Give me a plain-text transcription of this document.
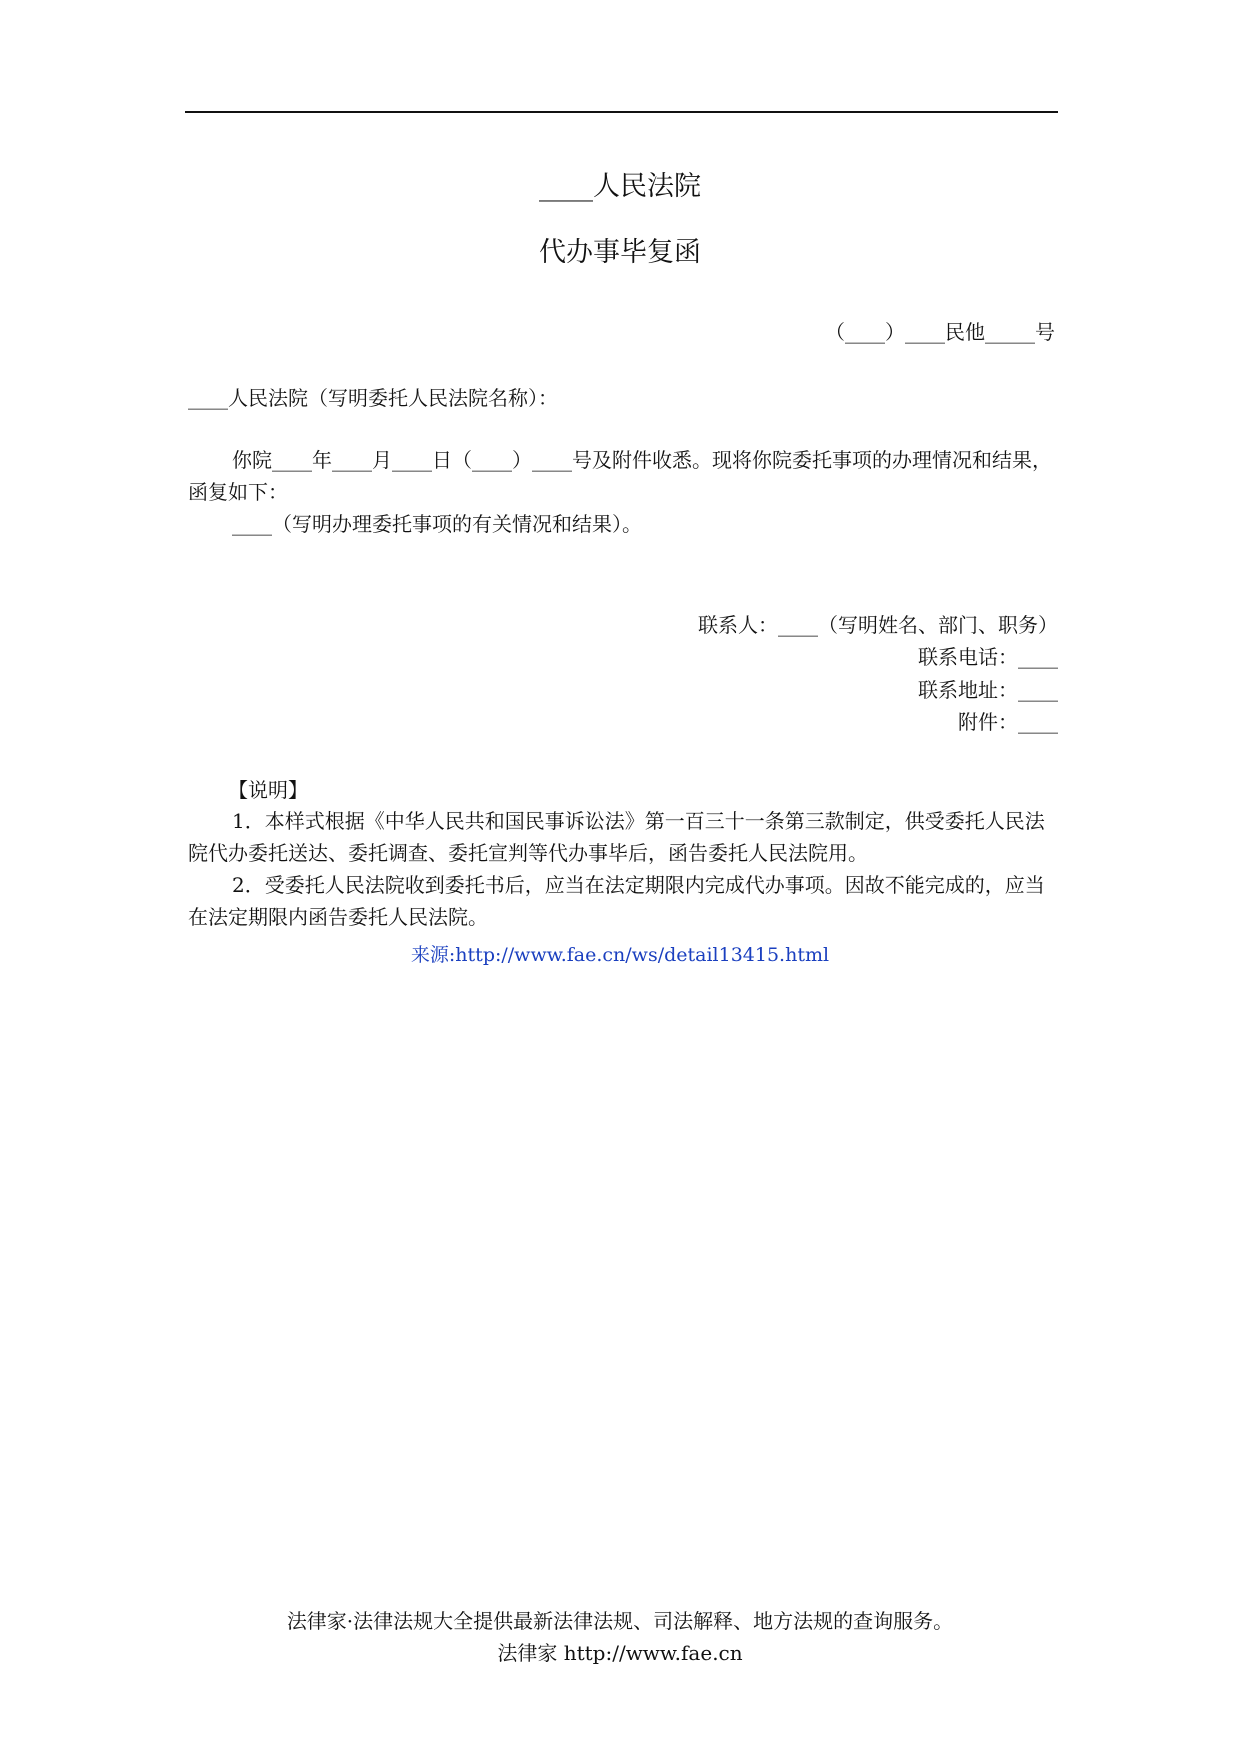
____人民法院
代办事毕复函
（____）____民他_____号
____人民法院（写明委托人民法院名称）：

你院____年____月____日（____）____号及附件收悉。现将你院委托事项的办理情况和结果，函复如下：

____（写明办理委托事项的有关情况和结果）。

联系人：____（写明姓名、部门、职务）
联系电话：____
联系地址：____
附件：____
【说明】

1．本样式根据《中华人民共和国民事诉讼法》第一百三十一条第三款制定，供受委托人民法院代办委托送达、委托调查、委托宣判等代办事毕后，函告委托人民法院用。

2．受委托人民法院收到委托书后，应当在法定期限内完成代办事项。因故不能完成的，应当在法定期限内函告委托人民法院。

来源:http://www.fae.cn/ws/detail13415.html
法律家·法律法规大全提供最新法律法规、司法解释、地方法规的查询服务。
法律家 http://www.fae.cn
